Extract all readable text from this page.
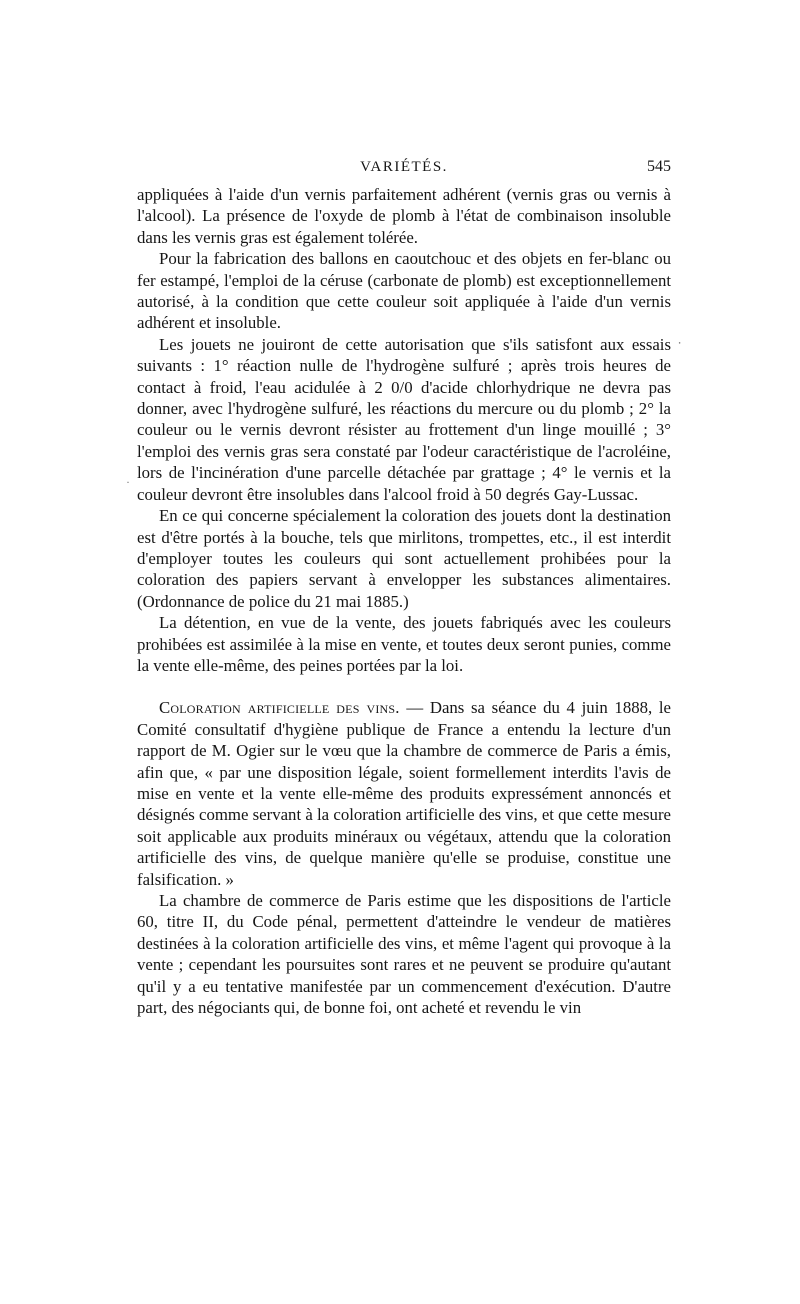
VARIÉTÉS.	545

appliquées à l'aide d'un vernis parfaitement adhérent (vernis gras ou vernis à l'alcool). La présence de l'oxyde de plomb à l'état de combinaison insoluble dans les vernis gras est également tolérée.

Pour la fabrication des ballons en caoutchouc et des objets en fer-blanc ou fer estampé, l'emploi de la céruse (carbonate de plomb) est exceptionnellement autorisé, à la condition que cette couleur soit appliquée à l'aide d'un vernis adhérent et insoluble.

Les jouets ne jouiront de cette autorisation que s'ils satisfont aux essais suivants : 1° réaction nulle de l'hydrogène sulfuré ; après trois heures de contact à froid, l'eau acidulée à 2 0/0 d'acide chlorhydrique ne devra pas donner, avec l'hydrogène sulfuré, les réactions du mercure ou du plomb ; 2° la couleur ou le vernis devront résister au frottement d'un linge mouillé ; 3° l'emploi des vernis gras sera constaté par l'odeur caractéristique de l'acroléine, lors de l'incinération d'une parcelle détachée par grattage ; 4° le vernis et la couleur devront être insolubles dans l'alcool froid à 50 degrés Gay-Lussac.

En ce qui concerne spécialement la coloration des jouets dont la destination est d'être portés à la bouche, tels que mirlitons, trompettes, etc., il est interdit d'employer toutes les couleurs qui sont actuellement prohibées pour la coloration des papiers servant à envelopper les substances alimentaires. (Ordonnance de police du 21 mai 1885.)

La détention, en vue de la vente, des jouets fabriqués avec les couleurs prohibées est assimilée à la mise en vente, et toutes deux seront punies, comme la vente elle-même, des peines portées par la loi.

Coloration artificielle des vins. — Dans sa séance du 4 juin 1888, le Comité consultatif d'hygiène publique de France a entendu la lecture d'un rapport de M. Ogier sur le vœu que la chambre de commerce de Paris a émis, afin que, « par une disposition légale, soient formellement interdits l'avis de mise en vente et la vente elle-même des produits expressément annoncés et désignés comme servant à la coloration artificielle des vins, et que cette mesure soit applicable aux produits minéraux ou végétaux, attendu que la coloration artificielle des vins, de quelque manière qu'elle se produise, constitue une falsification. »

La chambre de commerce de Paris estime que les dispositions de l'article 60, titre II, du Code pénal, permettent d'atteindre le vendeur de matières destinées à la coloration artificielle des vins, et même l'agent qui provoque à la vente ; cependant les poursuites sont rares et ne peuvent se produire qu'autant qu'il y a eu tentative manifestée par un commencement d'exécution. D'autre part, des négociants qui, de bonne foi, ont acheté et revendu le vin

⸳
·
